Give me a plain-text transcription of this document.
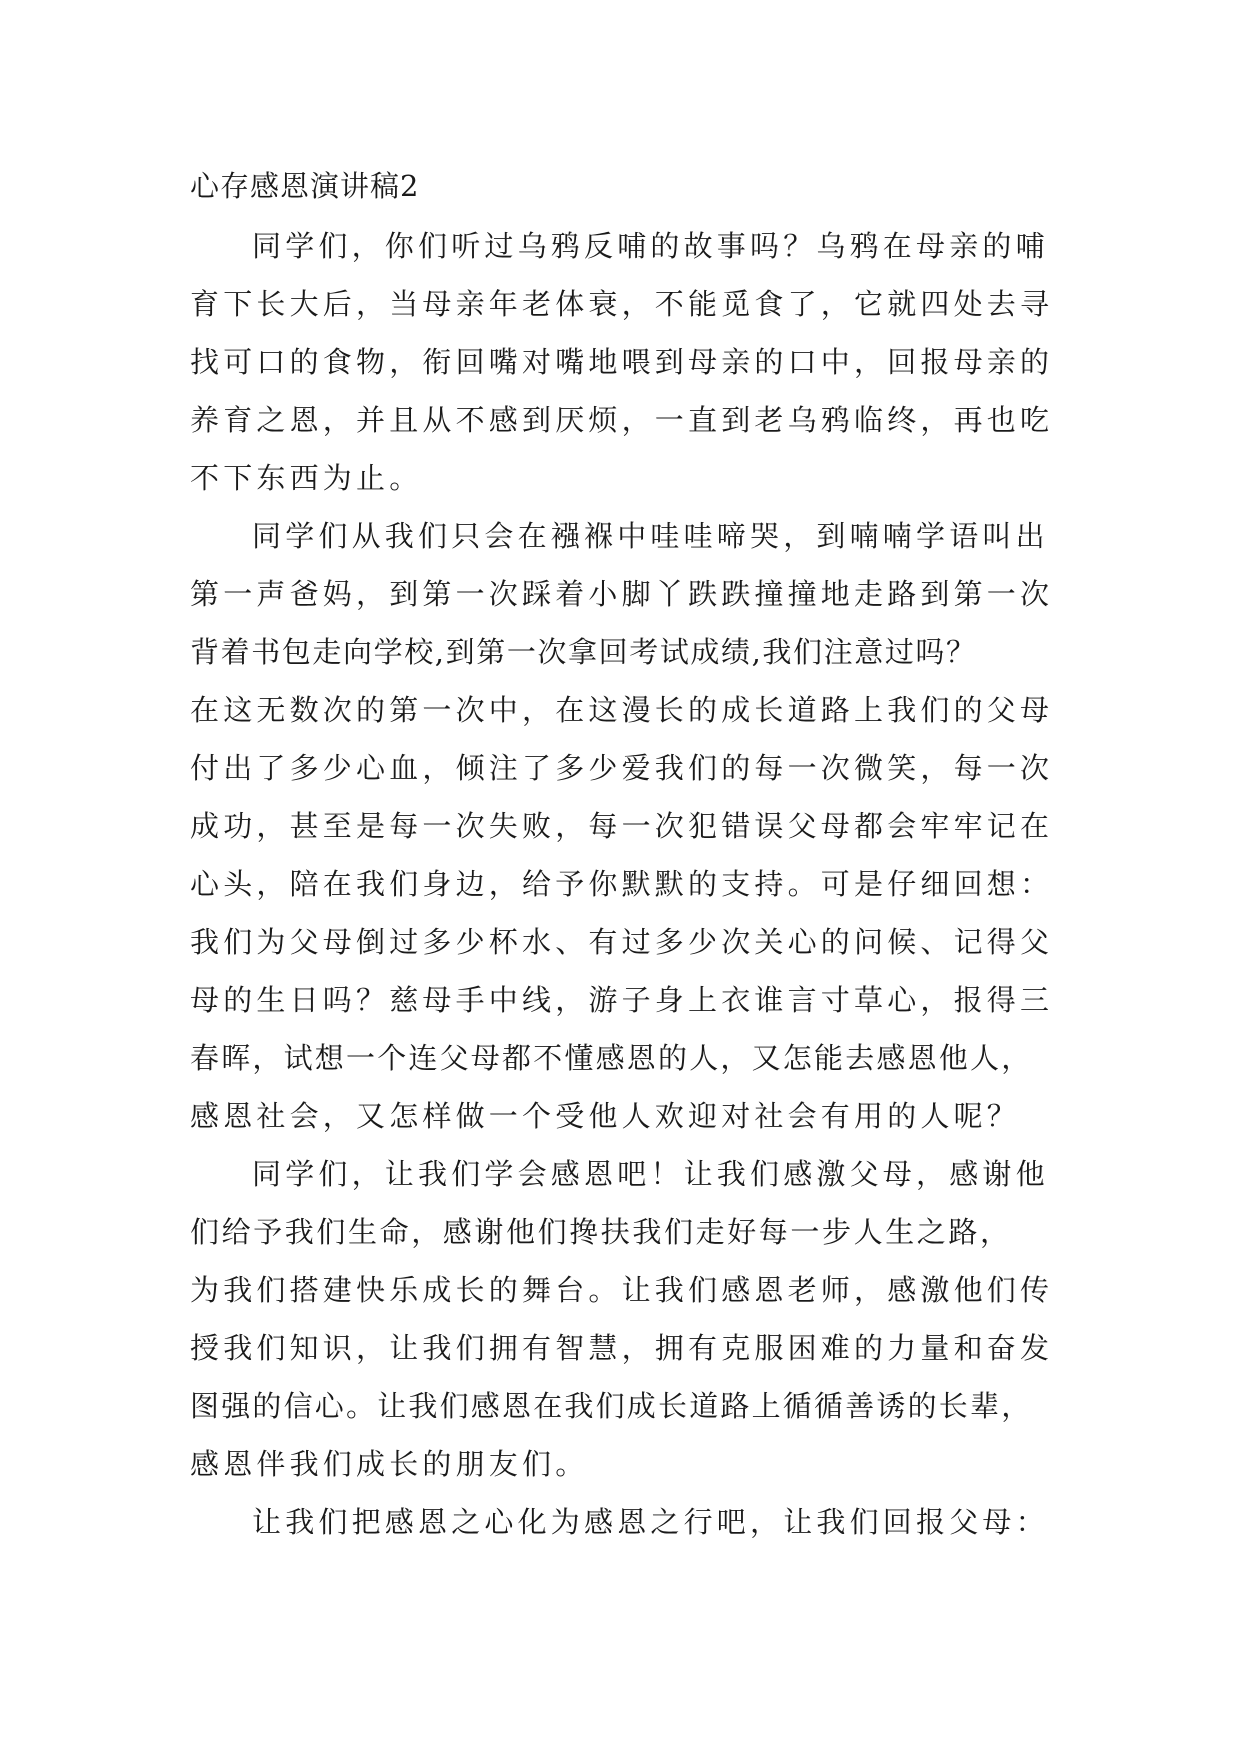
心存感恩演讲稿2
同学们，你们听过乌鸦反哺的故事吗？乌鸦在母亲的哺
育下长大后，当母亲年老体衰，不能觅食了，它就四处去寻
找可口的食物，衔回嘴对嘴地喂到母亲的口中，回报母亲的
养育之恩，并且从不感到厌烦，一直到老乌鸦临终，再也吃
不下东西为止。
同学们从我们只会在襁褓中哇哇啼哭，到喃喃学语叫出
第一声爸妈，到第一次踩着小脚丫跌跌撞撞地走路到第一次
背着书包走向学校,到第一次拿回考试成绩,我们注意过吗？
在这无数次的第一次中，在这漫长的成长道路上我们的父母
付出了多少心血，倾注了多少爱我们的每一次微笑，每一次
成功，甚至是每一次失败，每一次犯错误父母都会牢牢记在
心头，陪在我们身边，给予你默默的支持。可是仔细回想：
我们为父母倒过多少杯水、有过多少次关心的问候、记得父
母的生日吗？慈母手中线，游子身上衣谁言寸草心，报得三
春晖，试想一个连父母都不懂感恩的人，又怎能去感恩他人，
感恩社会，又怎样做一个受他人欢迎对社会有用的人呢？
同学们，让我们学会感恩吧！让我们感激父母，感谢他
们给予我们生命，感谢他们搀扶我们走好每一步人生之路，
为我们搭建快乐成长的舞台。让我们感恩老师，感激他们传
授我们知识，让我们拥有智慧，拥有克服困难的力量和奋发
图强的信心。让我们感恩在我们成长道路上循循善诱的长辈，
感恩伴我们成长的朋友们。
让我们把感恩之心化为感恩之行吧，让我们回报父母：
